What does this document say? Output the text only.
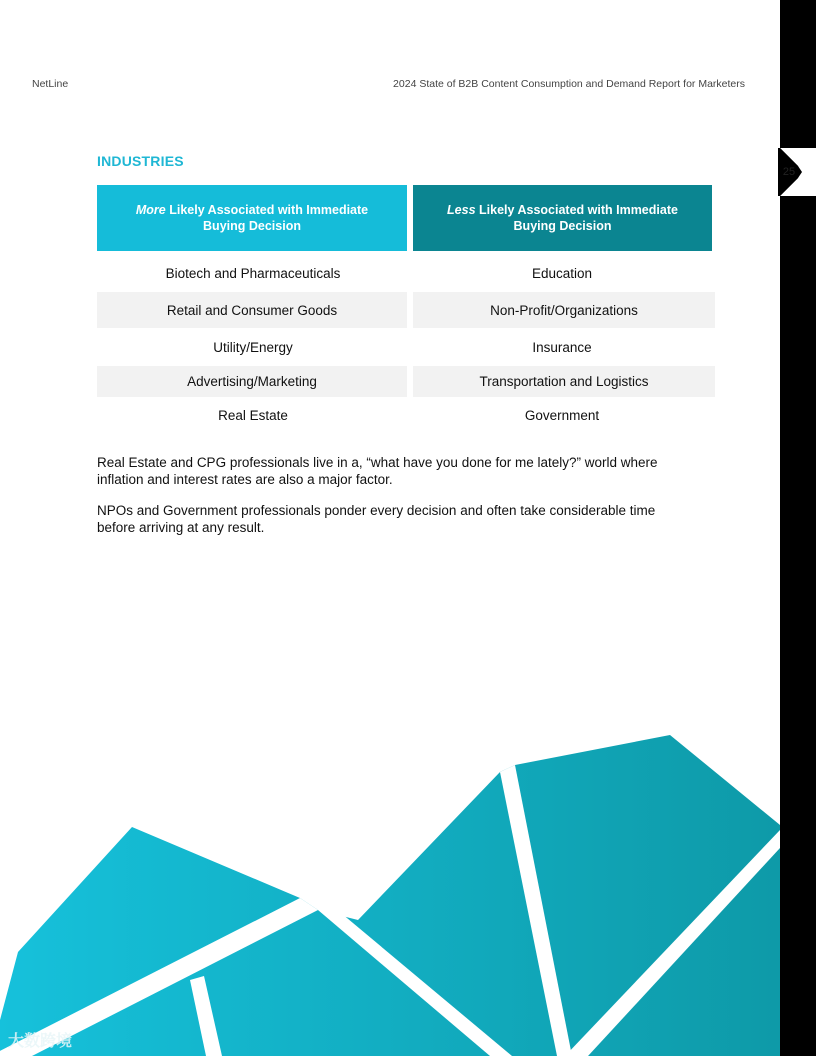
25
NetLine	2024 State of B2B Content Consumption and Demand Report for Marketers
INDUSTRIES
More Likely Associated with Immediate Buying Decision
Less Likely Associated with Immediate Buying Decision
Biotech and Pharmaceuticals	Education
Retail and Consumer Goods	Non-Profit/Organizations
Utility/Energy	Insurance
Advertising/Marketing	Transportation and Logistics
Real Estate	Government
Real Estate and CPG professionals live in a, “what have you done for me lately?” world where inflation and interest rates are also a major factor.
NPOs and Government professionals ponder every decision and often take considerable time before arriving at any result.
大数跨境
